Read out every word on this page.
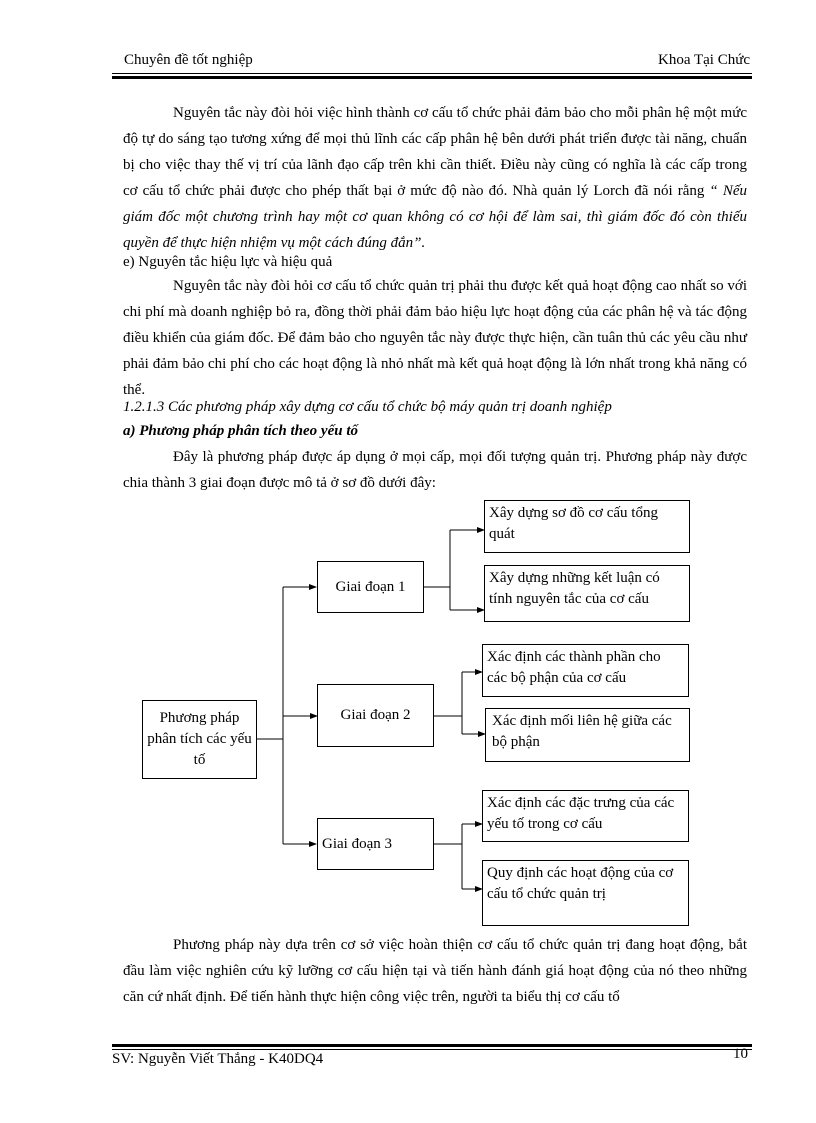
Chuyên đề tốt nghiệp	Khoa Tại Chức
Nguyên tắc này đòi hỏi việc hình thành cơ cấu tổ chức phải đảm bảo cho mỗi phân hệ một mức độ tự do sáng tạo tương xứng để mọi thủ lĩnh các cấp phân hệ bên dưới phát triển được tài năng, chuẩn bị cho việc thay thế vị trí của lãnh đạo cấp trên khi cần thiết. Điều này cũng có nghĩa là các cấp trong cơ cấu tổ chức phải được cho phép thất bại ở mức độ nào đó. Nhà quản lý Lorch đã nói rằng “ Nếu giám đốc một chương trình hay một cơ quan không có cơ hội để làm sai, thì giám đốc đó còn thiếu quyền để thực hiện nhiệm vụ một cách đúng đắn”.
e) Nguyên tắc hiệu lực và hiệu quả
Nguyên tắc này đòi hỏi cơ cấu tổ chức quản trị phải thu được kết quả hoạt động cao nhất so với chi phí mà doanh nghiệp bỏ ra, đồng thời phải đảm bảo hiệu lực hoạt động của các phân hệ và tác động điều khiển của giám đốc. Để đảm bảo cho nguyên tắc này được thực hiện, cần tuân thủ các yêu cầu như phải đảm bảo chi phí cho các hoạt động là nhỏ nhất mà kết quả hoạt động là lớn nhất trong khả năng có thể.
1.2.1.3 Các phương pháp xây dựng cơ cấu tổ chức bộ máy quản trị doanh nghiệp
a) Phương pháp phân tích theo yếu tố
Đây là phương pháp được áp dụng ở mọi cấp, mọi đối tượng quản trị. Phương pháp này được chia thành 3 giai đoạn được mô tả ở sơ đồ dưới đây:
Phương pháp phân tích các yếu tố
Giai đoạn 1
Giai đoạn 2
Giai đoạn 3
Xây dựng sơ đồ cơ cấu tổng quát
Xây dựng những kết luận có tính nguyên tắc của cơ cấu
Xác định các thành phần cho các bộ phận của cơ cấu
Xác định mối liên hệ giữa các bộ phận
Xác định các đặc trưng của các yếu tố trong cơ cấu
Quy định các hoạt động của cơ cấu tổ chức quản trị
Phương pháp này dựa trên cơ sở việc hoàn thiện cơ cấu tổ chức quản trị đang hoạt động, bắt đầu làm việc nghiên cứu kỹ lưỡng cơ cấu hiện tại và tiến hành đánh giá hoạt động của nó theo những căn cứ nhất định. Để tiến hành thực hiện công việc trên, người ta biểu thị cơ cấu tổ
SV: Nguyễn Viết Thắng - K40DQ4	10
